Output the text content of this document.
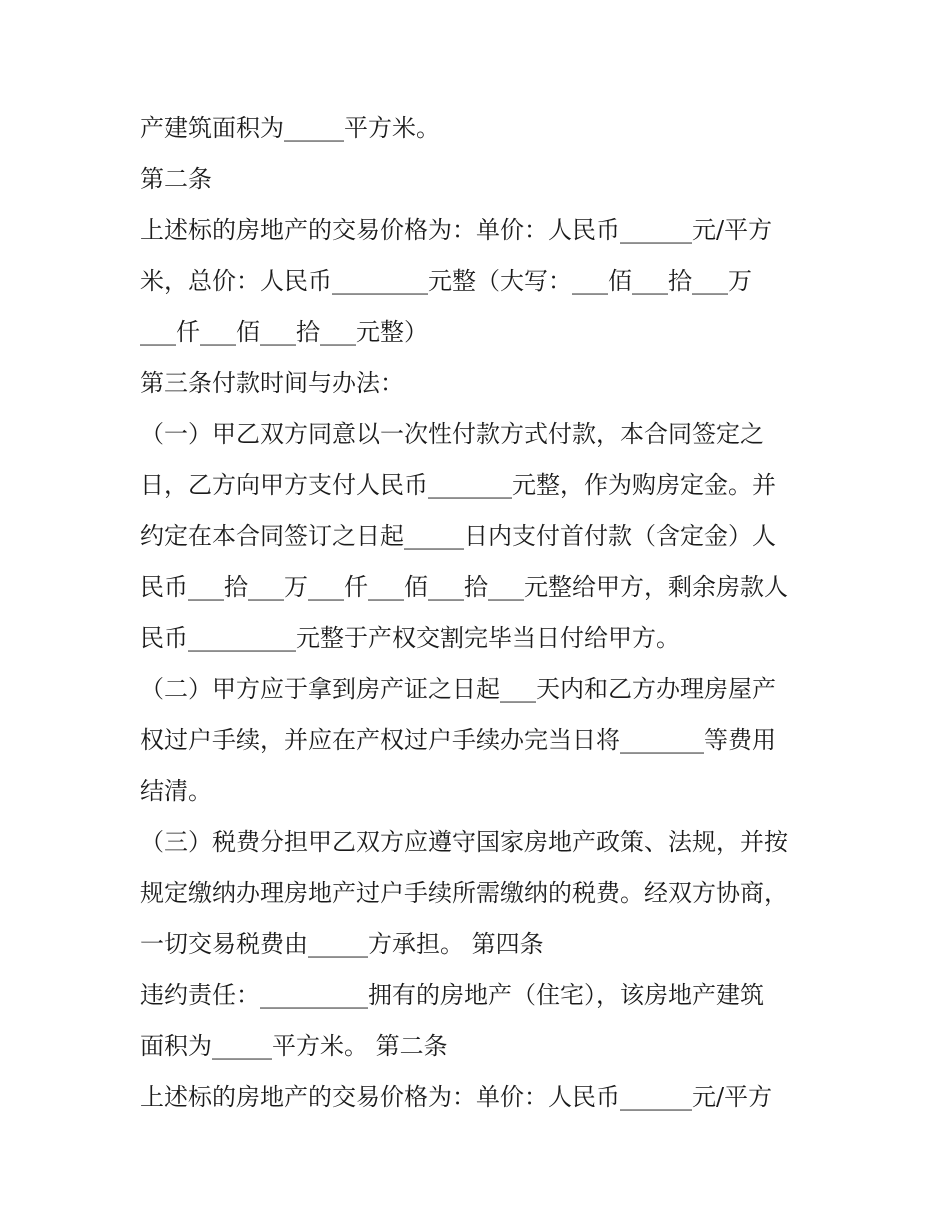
产建筑面积为_____平方米。
第二条
上述标的房地产的交易价格为：单价：人民币______元/平方
米，总价：人民币________元整（大写：___佰___拾___万
___仟___佰___拾___元整）
第三条付款时间与办法：
（一）甲乙双方同意以一次性付款方式付款，本合同签定之
日，乙方向甲方支付人民币_______元整，作为购房定金。并
约定在本合同签订之日起_____日内支付首付款（含定金）人
民币___拾___万___仟___佰___拾___元整给甲方，剩余房款人
民币_________元整于产权交割完毕当日付给甲方。
（二）甲方应于拿到房产证之日起___天内和乙方办理房屋产
权过户手续，并应在产权过户手续办完当日将_______等费用
结清。
（三）税费分担甲乙双方应遵守国家房地产政策、法规，并按
规定缴纳办理房地产过户手续所需缴纳的税费。经双方协商，
一切交易税费由_____方承担。 第四条
违约责任：_________拥有的房地产（住宅），该房地产建筑
面积为_____平方米。 第二条
上述标的房地产的交易价格为：单价：人民币______元/平方
